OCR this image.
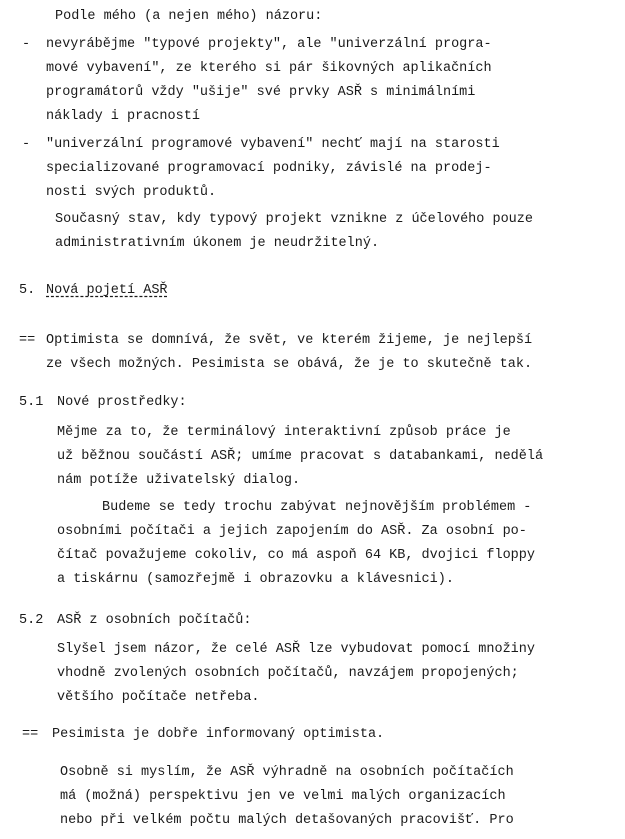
Podle mého (a nejen mého) názoru:
- nevyrábějme "typové projekty", ale "univerzální progra-
mové vybavení", ze kterého si pár šikovných aplikačních
programátorů vždy "ušije" své prvky ASŘ s minimálními
náklady i pracností
- "univerzální programové vybavení" nechť mají na starosti
specializované programovací podniky, závislé na prodej-
nosti svých produktů.
Současný stav, kdy typový projekt vznikne z účelového pouze
administrativním úkonem je neudržitelný.
5. Nová pojetí ASŘ
== Optimista se domnívá, že svět, ve kterém žijeme, je nejlepší
ze všech možných. Pesimista se obává, že je to skutečně tak.
5.1 Nové prostředky:
Mějme za to, že terminálový interaktivní způsob práce je
už běžnou součástí ASŘ; umíme pracovat s databankami, nedělá
nám potíže uživatelský dialog.
Budeme se tedy trochu zabývat nejnovějším problémem -
osobními počítači a jejich zapojením do ASŘ. Za osobní po-
čítač považujeme cokoliv, co má aspoň 64 KB, dvojici floppy
a tiskárnu (samozřejmě i obrazovku a klávesnici).
5.2 ASŘ z osobních počítačů:
Slyšel jsem názor, že celé ASŘ lze vybudovat pomocí množiny
vhodně zvolených osobních počítačů, navzájem propojených;
většího počítače netřeba.
== Pesimista je dobře informovaný optimista.
Osobně si myslím, že ASŘ výhradně na osobních počítačích
má (možná) perspektivu jen ve velmi malých organizacích
nebo při velkém počtu malých detašovaných pracovišť. Pro
